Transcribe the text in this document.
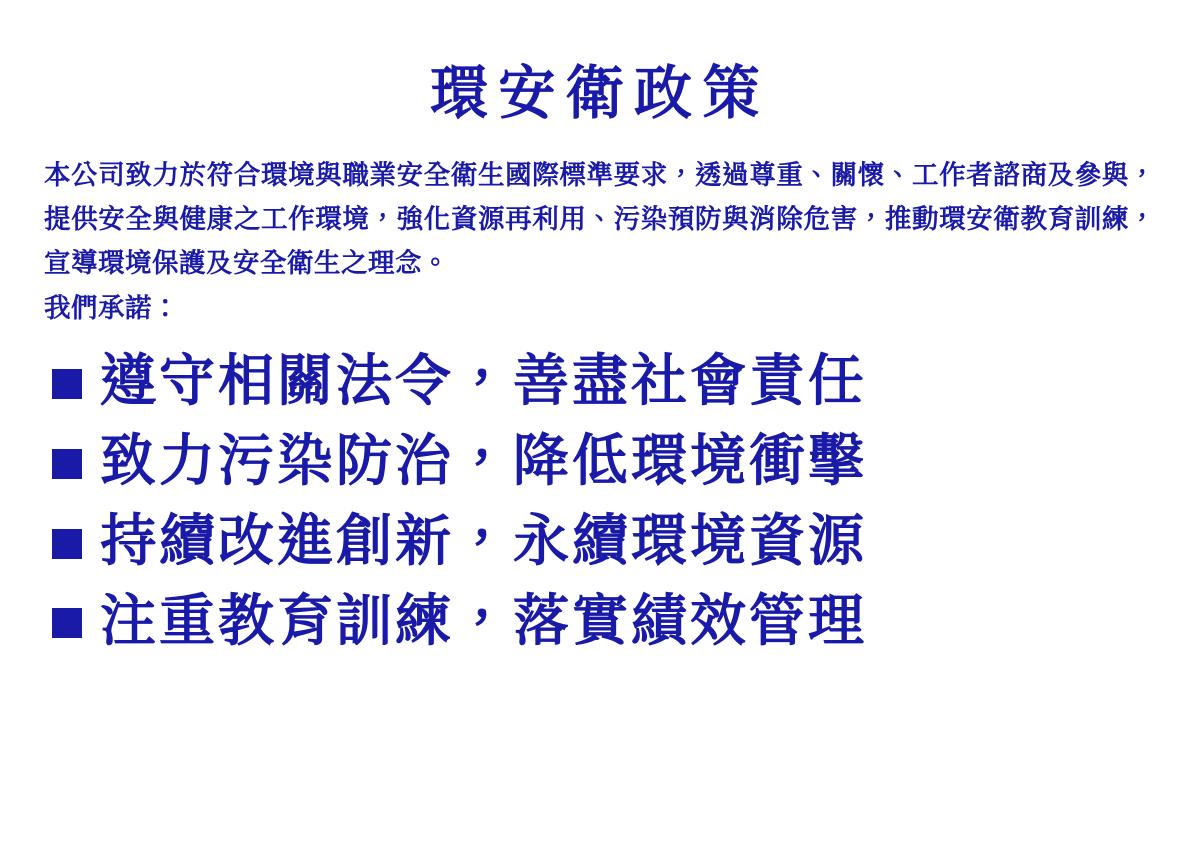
環安衛政策

本公司致力於符合環境與職業安全衛生國際標準要求，透過尊重、關懷、工作者諮商及參與，提供安全與健康之工作環境，強化資源再利用、污染預防與消除危害，推動環安衛教育訓練，宣導環境保護及安全衛生之理念。

我們承諾：

遵守相關法令，善盡社會責任
致力污染防治，降低環境衝擊
持續改進創新，永續環境資源
注重教育訓練，落實績效管理
